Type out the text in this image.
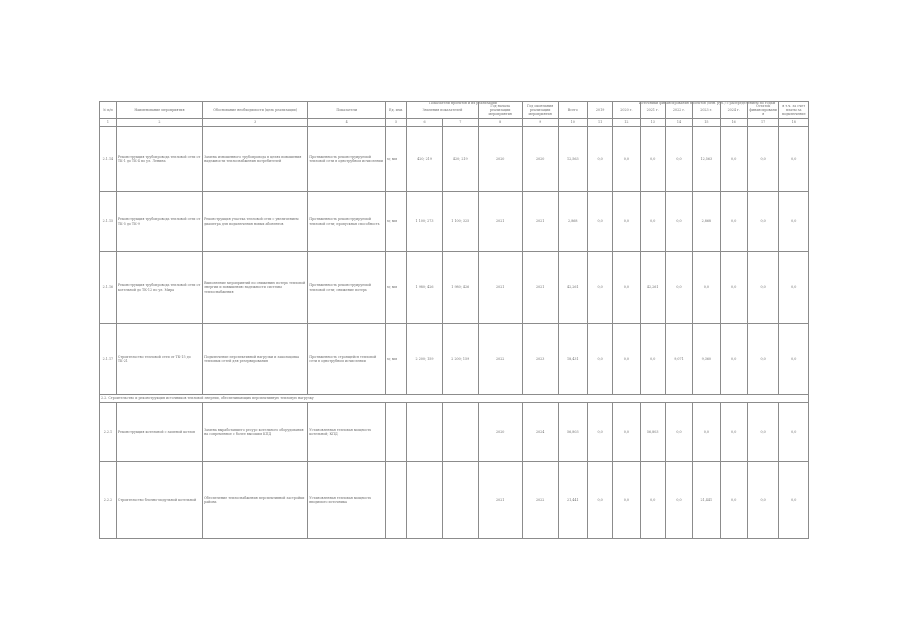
Показатели проектов и их реализации	Источники финансирования проектов (млн. руб.) с распределением по годам
№ п/п	Наименование мероприятия	Обоснование необходимости (цель реализации)	Показатели	Ед. изм.	Значения показателей		Год начала реализации мероприятия	Год окончания реализации мероприятия	Всего	2019	2020 г.	2021 г.	2022 г.	2023 г.	2024 г.	Остаток финансирования	в т.ч. за счет платы за подключение
1	2	3	4	5	6	7	8	9	10	11	12	13	14	15	16	17	18
2.1.14	Реконструкция трубопровода тепловой сети от ТК-1 до ТК-4 по ул. Ленина	Замена изношенного трубопровода в целях повышения надежности теплоснабжения потребителей	Протяженность реконструируемой тепловой сети в однотрубном исчислении	м; мм	420; 219	420; 219	2020	2020	12,563	0,0	0,0	0,0	0,0	12,563	0,0	0,0	0,0
2.1.15	Реконструкция трубопровода тепловой сети от ТК-5 до ТК-9	Реконструкция участка тепловой сети с увеличением диаметра для подключения новых абонентов	Протяженность реконструируемой тепловой сети; пропускная способность	м; мм	1 100; 273	1 100; 325	2021	2021	2,868	0,0	0,0	0,0	0,0	2,868	0,0	0,0	0,0
2.1.16	Реконструкция трубопровода тепловой сети от котельной до ТК-12 по ул. Мира	Выполнение мероприятий по снижению потерь тепловой энергии и повышению надежности системы теплоснабжения	Протяженность реконструируемой тепловой сети; снижение потерь	м; мм	1 980; 426	1 980; 426	2021	2021	42,261	0,0	0,0	42,261	0,0	0,0	0,0	0,0	0,0
2.1.17	Строительство тепловой сети от ТК-15 до ТК-21	Подключение перспективной нагрузки и закольцовка тепловых сетей для резервирования	Протяженность строящейся тепловой сети в однотрубном исчислении	м; мм	2 200; 159	2 200; 159	2022	2023	18,431	0,0	0,0	0,0	9,071	9,360	0,0	0,0	0,0
2.2. Строительство и реконструкция источников тепловой энергии, обеспечивающих перспективную тепловую нагрузку																	
2.2.1	Реконструкция котельной с заменой котлов	Замена выработавшего ресурс котельного оборудования на современное с более высоким КПД	Установленная тепловая мощность котельной; КПД				2020	2024	56,803	0,0	0,0	56,803	0,0	0,0	0,0	0,0	0,0
2.2.2	Строительство блочно-модульной котельной	Обеспечение теплоснабжения перспективной застройки района	Установленная тепловая мощность вводимого источника				2021	2022	21,441	0,0	0,0	0,0	0,0	21,441	0,0	0,0	0,0
